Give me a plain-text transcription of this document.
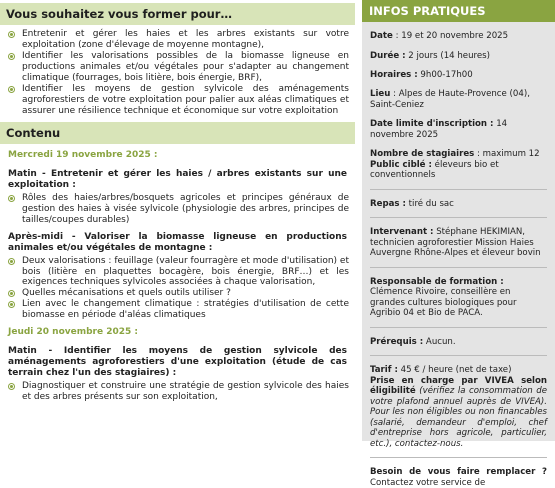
Vous souhaitez vous former pour…
Entretenir et gérer les haies et les arbres existants sur votre exploitation (zone d'élevage de moyenne montagne),
Identifier les valorisations possibles de la biomasse ligneuse en productions animales et/ou végétales pour s'adapter au changement climatique (fourrages, bois litière, bois énergie, BRF),
Identifier les moyens de gestion sylvicole des aménagements agroforestiers de votre exploitation pour palier aux aléas climatiques et assurer une résilience technique et économique sur votre exploitation
Contenu
Mercredi 19 novembre 2025 :
Matin - Entretenir et gérer les haies / arbres existants sur une exploitation :
Rôles des haies/arbres/bosquets agricoles et principes généraux de gestion des haies à visée sylvicole (physiologie des arbres, principes de tailles/coupes durables)
Après-midi - Valoriser la biomasse ligneuse en productions animales et/ou végétales de montagne :
Deux valorisations : feuillage (valeur fourragère et mode d'utilisation) et bois (litière en plaquettes bocagère, bois énergie, BRF…) et les exigences techniques sylvicoles associées à chaque valorisation,
Quelles mécanisations et quels outils utiliser ?
Lien avec le changement climatique : stratégies d'utilisation de cette biomasse en période d'aléas climatiques
Jeudi 20 novembre 2025 :
Matin - Identifier les moyens de gestion sylvicole des aménagements agroforestiers d'une exploitation (étude de cas terrain chez l'un des stagiaires) :
Diagnostiquer et construire une stratégie de gestion sylvicole des haies et des arbres présents sur son exploitation,
INFOS PRATIQUES

Date : 19 et 20 novembre 2025

Durée : 2 jours (14 heures)

Horaires : 9h00-17h00

Lieu : Alpes de Haute-Provence (04), Saint-Ceniez

Date limite d'inscription : 14 novembre 2025

Nombre de stagiaires : maximum 12

Public ciblé : éleveurs bio et conventionnels

Repas : tiré du sac

Intervenant : Stéphane HEKIMIAN, technicien agroforestier Mission Haies Auvergne Rhône-Alpes et éleveur bovin

Responsable de formation : Clémence Rivoire, conseillère en grandes cultures biologiques pour Agribio 04 et Bio de PACA.

Prérequis : Aucun.

Tarif : 45 € / heure (net de taxe)

Prise en charge par VIVEA selon éligibilité (vérifiez la consommation de votre plafond annuel auprès de VIVEA). Pour les non éligibles ou non financables (salarié, demandeur d'emploi, chef d'entreprise hors agricole, particulier, etc.), contactez-nous.

Besoin de vous faire remplacer ? Contactez votre service de
